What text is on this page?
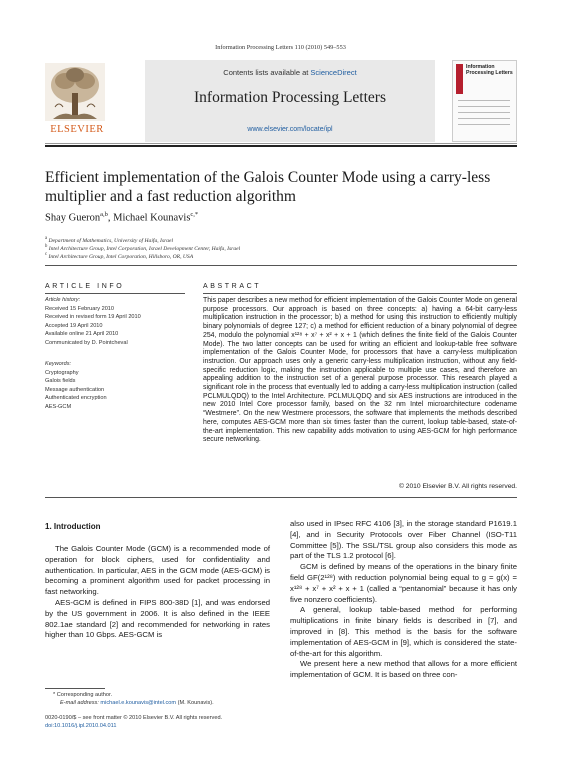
Information Processing Letters 110 (2010) 549–553
Contents lists available at ScienceDirect
Information Processing Letters
www.elsevier.com/locate/ipl
ELSEVIER
Information Processing Letters
Efficient implementation of the Galois Counter Mode using a carry-less multiplier and a fast reduction algorithm
Shay Gueron$^{a,b}$, Michael Kounavis$^{c,*}$
$^a$ Department of Mathematics, University of Haifa, Israel
$^b$ Intel Architecture Group, Intel Corporation, Israel Development Center, Haifa, Israel
$^c$ Intel Architecture Group, Intel Corporation, Hillsboro, OR, USA
ARTICLE INFO
Article history:
Received 15 February 2010
Received in revised form 19 April 2010
Accepted 19 April 2010
Available online 21 April 2010
Communicated by D. Pointcheval
Keywords:
Cryptography
Galois fields
Message authentication
Authenticated encryption
AES-GCM
ABSTRACT
This paper describes a new method for efficient implementation of the Galois Counter Mode on general purpose processors. Our approach is based on three concepts: a) having a 64-bit carry-less multiplication instruction in the processor; b) a method for using this instruction to efficiently multiply binary polynomials of degree 127; c) a method for efficient reduction of a binary polynomial of degree 254, modulo the polynomial x¹²⁸ + x⁷ + x² + x + 1 (which defines the finite field of the Galois Counter Mode). The two latter concepts can be used for writing an efficient and lookup-table free software implementation of the Galois Counter Mode, for processors that have a carry-less multiplication instruction. Our approach uses only a generic carry-less multiplication instruction, without any field-specific reduction logic, making the instruction applicable to multiple use cases, and therefore an appealing addition to the instruction set of a general purpose processor. This research played a significant role in the process that eventually led to adding a carry-less multiplication instruction (called PCLMULQDQ) to the Intel Architecture. PCLMULQDQ and six AES instructions are introduced in the new 2010 Intel Core processor family, based on the 32 nm Intel microarchitecture codename “Westmere”. On the new Westmere processors, the software that implements the methods described here, computes AES-GCM more than six times faster than the current, lookup table-based, state-of-the-art implementation. This new capability adds motivation to using AES-GCM for high performance secure networking.
© 2010 Elsevier B.V. All rights reserved.
1. Introduction

The Galois Counter Mode (GCM) is a recommended mode of operation for block ciphers, used for confidentiality and authentication. In particular, AES in the GCM mode (AES-GCM) is becoming a prominent algorithm used for packet processing in fast networking.

AES-GCM is defined in FIPS 800-38D [1], and was endorsed by the US government in 2006. It is also defined in the IEEE 802.1ae standard [2] and recommended for networking in rates higher than 10 Gbps. AES-GCM is

also used in IPsec RFC 4106 [3], in the storage standard P1619.1 [4], and in Security Protocols over Fiber Channel (ISO-T11 Committee [5]). The SSL/TSL group also considers this mode as part of the TLS 1.2 protocol [6].

GCM is defined by means of the operations in the binary finite field GF(2¹²⁸) with reduction polynomial being equal to g = g(x) = x¹²⁸ + x⁷ + x² + x + 1 (called a “pentanomial” because it has only five nonzero coefficients).

A general, lookup table-based method for performing multiplications in finite binary fields is described in [7], and improved in [8]. This method is the basis for the software implementation of AES-GCM in [9], which is considered the state-of-the-art for this algorithm.

We present here a new method that allows for a more efficient implementation of GCM. It is based on three con-

* Corresponding author.
E-mail address: michael.e.kounavis@intel.com (M. Kounavis).
0020-0190/$ – see front matter © 2010 Elsevier B.V. All rights reserved.
doi:10.1016/j.ipl.2010.04.011
